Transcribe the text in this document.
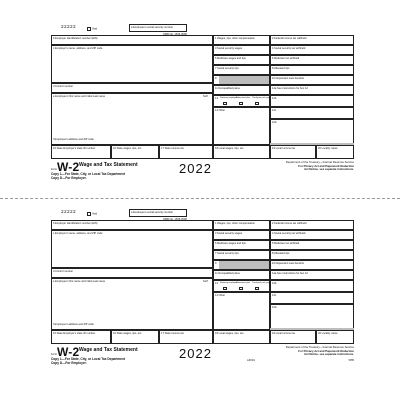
22222	Void
a Employee's social security number
OMB No. 1545-0008
b Employer identification number (EIN)
c Employer's name, address, and ZIP code
d Control number
e Employee's first name and initial Last name	Suff.
f Employee's address and ZIP code
1 Wages, tips, other compensation	2 Federal income tax withheld
3 Social security wages	4 Social security tax withheld
5 Medicare wages and tips	6 Medicare tax withheld
7 Social security tips	8 Allocated tips
9	10 Dependent care benefits
11 Nonqualified plans	12a See instructions for box 12
13 Statutory employee
Retirement plan Third-party sick pay 12b
14 Other	12c
12d
15 State Employer's state ID number	16 State wages, tips, etc.	17 State income tax	18 Local wages, tips, etc.	19 Local income tax	20 Locality name
Form W-2 Wage and Tax Statement	2022
Copy 1—For State, City, or Local Tax Department
Copy D—For Employer.
Department of the Treasury—Internal Revenue Service
For Privacy Act and Paperwork Reduction
Act Notice, see separate instructions.
22222	Void
a Employee's social security number
OMB No. 1545-0008
b Employer identification number (EIN)
c Employer's name, address, and ZIP code
d Control number
e Employee's first name and initial Last name	Suff.
f Employee's address and ZIP code
1 Wages, tips, other compensation	2 Federal income tax withheld
3 Social security wages	4 Social security tax withheld
5 Medicare wages and tips	6 Medicare tax withheld
7 Social security tips	8 Allocated tips
9	10 Dependent care benefits
11 Nonqualified plans	12a See instructions for box 12
13 Statutory employee
Retirement plan Third-party sick pay 12b
14 Other	12c
12d
15 State Employer's state ID number	16 State wages, tips, etc.	17 State income tax	18 Local wages, tips, etc.	19 Local income tax	20 Locality name
Form W-2 Wage and Tax Statement	2022	L2KID1
Copy 1—For State, City, or Local Tax Department
Copy D—For Employer.
Department of the Treasury—Internal Revenue Service
For Privacy Act and Paperwork Reduction
Act Notice, see separate instructions.
5055
